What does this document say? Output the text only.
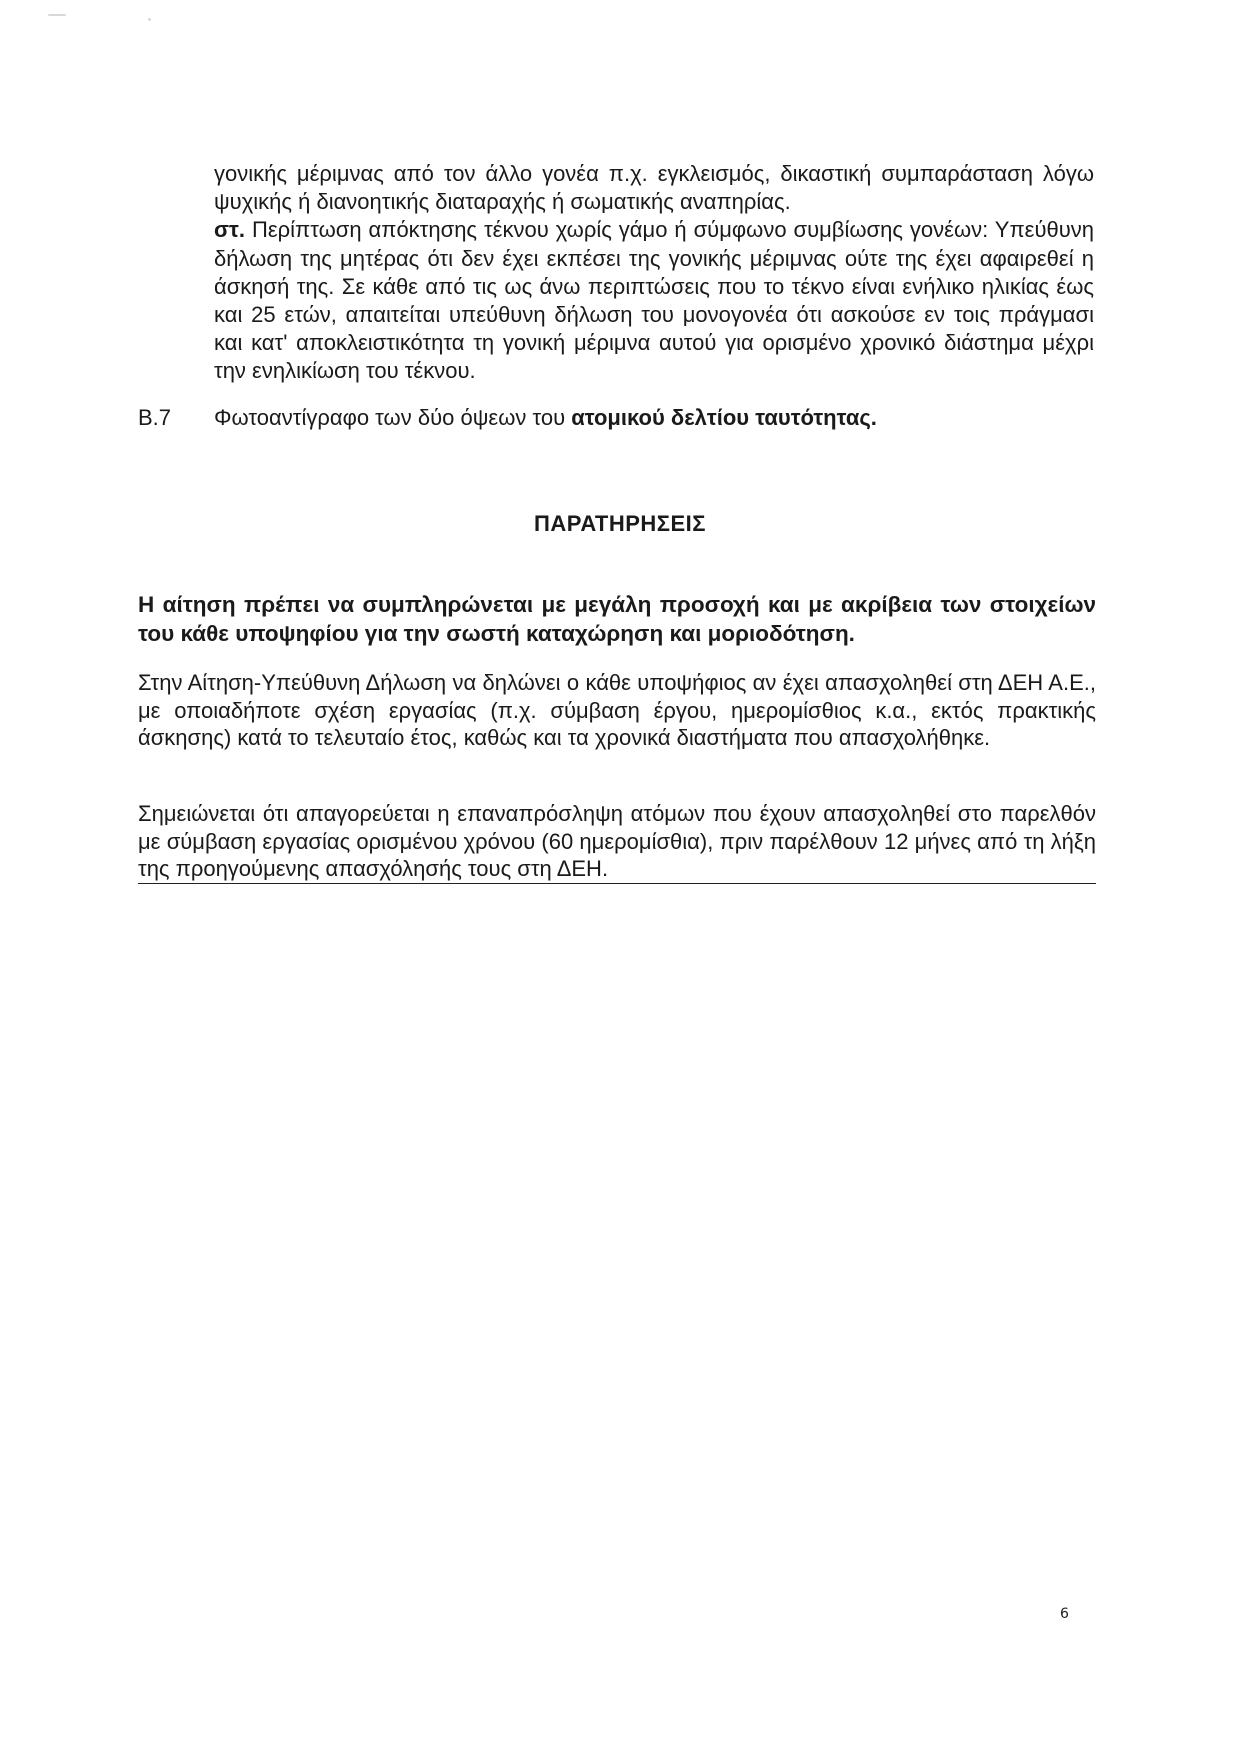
γονικής μέριμνας από τον άλλο γονέα π.χ. εγκλεισμός, δικαστική συμπαράσταση λόγω ψυχικής ή διανοητικής διαταραχής ή σωματικής αναπηρίας.

στ. Περίπτωση απόκτησης τέκνου χωρίς γάμο ή σύμφωνο συμβίωσης γονέων: Υπεύθυνη δήλωση της μητέρας ότι δεν έχει εκπέσει της γονικής μέριμνας ούτε της έχει αφαιρεθεί η άσκησή της. Σε κάθε από τις ως άνω περιπτώσεις που το τέκνο είναι ενήλικο ηλικίας έως και 25 ετών, απαιτείται υπεύθυνη δήλωση του μονογονέα ότι ασκούσε εν τοις πράγμασι και κατ' αποκλειστικότητα τη γονική μέριμνα αυτού για ορισμένο χρονικό διάστημα μέχρι την ενηλικίωση του τέκνου.

Β.7 Φωτοαντίγραφο των δύο όψεων του ατομικού δελτίου ταυτότητας.
ΠΑΡΑΤΗΡΗΣΕΙΣ

Η αίτηση πρέπει να συμπληρώνεται με μεγάλη προσοχή και με ακρίβεια των στοιχείων του κάθε υποψηφίου για την σωστή καταχώρηση και μοριοδότηση.

Στην Αίτηση-Υπεύθυνη Δήλωση να δηλώνει ο κάθε υποψήφιος αν έχει απασχοληθεί στη ΔΕΗ Α.Ε., με οποιαδήποτε σχέση εργασίας (π.χ. σύμβαση έργου, ημερομίσθιος κ.α., εκτός πρακτικής άσκησης) κατά το τελευταίο έτος, καθώς και τα χρονικά διαστήματα που απασχολήθηκε.

Σημειώνεται ότι απαγορεύεται η επαναπρόσληψη ατόμων που έχουν απασχοληθεί στο παρελθόν με σύμβαση εργασίας ορισμένου χρόνου (60 ημερομίσθια), πριν παρέλθουν 12 μήνες από τη λήξη της προηγούμενης απασχόλησής τους στη ΔΕΗ.

6
